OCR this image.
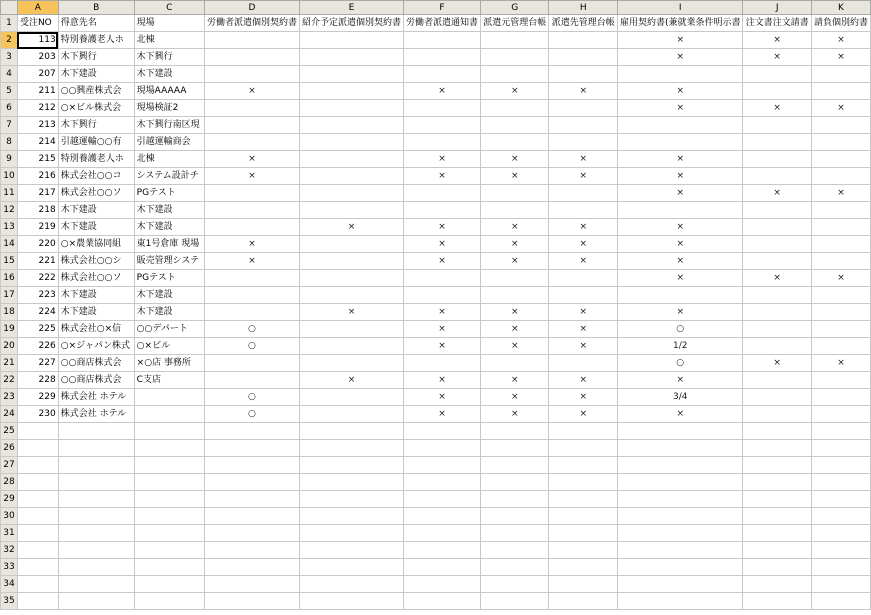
	A	B	C	D	E	F	G	H	I	J	K
1	受注NO	得意先名	現場	労働者派遣個別契約書	紹介予定派遣個別契約書	労働者派遣通知書	派遣元管理台帳	派遣先管理台帳	雇用契約書(兼就業条件明示書	注文書注文請書	請負個別約書
2	113	特別養護老人ホ	北棟						×	×	×
3	203	木下興行	木下興行						×	×	×
4	207	木下建設	木下建設								
5	211	○○興産株式会	現場AAAAA	×		×	×	×	×		
6	212	○×ビル株式会	現場検証2						×	×	×
7	213	木下興行	木下興行南区現								
8	214	引越運輸○○有	引越運輸商会								
9	215	特別養護老人ホ	北棟	×		×	×	×	×		
10	216	株式会社○○コ	システム設計チ	×		×	×	×	×		
11	217	株式会社○○ソ	PGテスト						×	×	×
12	218	木下建設	木下建設								
13	219	木下建設	木下建設		×	×	×	×	×		
14	220	○×農業協同組	東1号倉庫 現場	×		×	×	×	×		
15	221	株式会社○○シ	販売管理システ	×		×	×	×	×		
16	222	株式会社○○ソ	PGテスト						×	×	×
17	223	木下建設	木下建設								
18	224	木下建設	木下建設		×	×	×	×	×		
19	225	株式会社○×信	○○デパート	○		×	×	×	○		
20	226	○×ジャパン株式	○×ビル	○		×	×	×	1/2		
21	227	○○商店株式会	×○店 事務所						○	×	×
22	228	○○商店株式会	C支店		×	×	×	×	×		
23	229	株式会社 ホテル		○		×	×	×	3/4		
24	230	株式会社 ホテル		○		×	×	×	×		
25											
26											
27											
28											
29											
30											
31											
32											
33											
34											
35											
